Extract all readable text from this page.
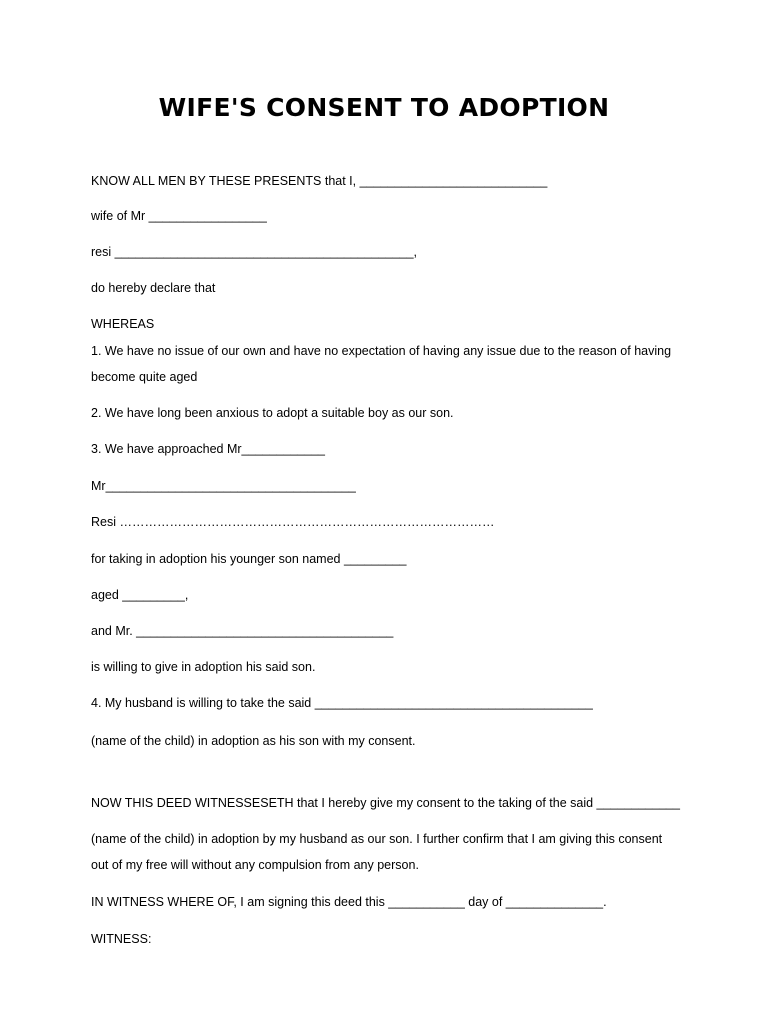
WIFE'S CONSENT TO ADOPTION
KNOW ALL MEN BY THESE PRESENTS that I, ___________________________
wife of Mr _________________
resi ___________________________________________,
do hereby declare that
WHEREAS
1. We have no issue of our own and have no expectation of having any issue due to the reason of having
become quite aged
2. We have long been anxious to adopt a suitable boy as our son.
3. We have approached Mr____________
Mr____________________________________
Resi ………………………………………………………………………………
for taking in adoption his younger son named _________
aged _________,
and Mr. _____________________________________
is willing to give in adoption his said son.
4. My husband is willing to take the said ________________________________________
(name of the child) in adoption as his son with my consent.
NOW THIS DEED WITNESSESETH that I hereby give my consent to the taking of the said ____________
(name of the child) in adoption by my husband as our son. I further confirm that I am giving this consent
out of my free will without any compulsion from any person.
IN WITNESS WHERE OF, I am signing this deed this ___________ day of ______________.
WITNESS:
